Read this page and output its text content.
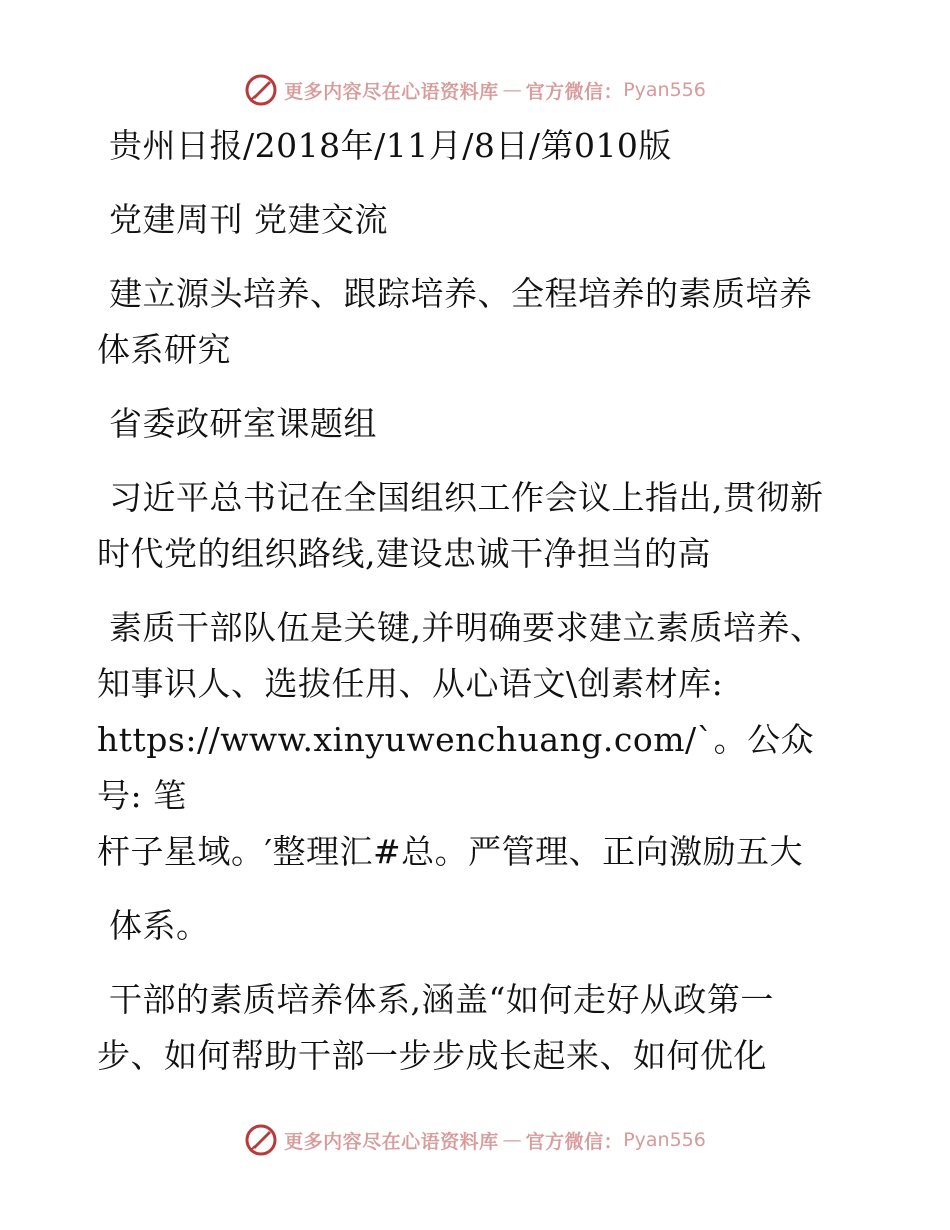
更多内容尽在心语资料库 — 官方微信： Pyan556

贵州日报/2018年/11月/8日/第010版

党建周刊 党建交流

建立源头培养、跟踪培养、全程培养的素质培养

体系研究

省委政研室课题组

习近平总书记在全国组织工作会议上指出,贯彻新

时代党的组织路线,建设忠诚干净担当的高

素质干部队伍是关键,并明确要求建立素质培养、

知事识人、选拔任用、从心语文\创素材库:

https://www.xinyuwenchuang.com/`。公众号: 笔

杆子星域。′整理汇#总。严管理、正向激励五大

体系。

干部的素质培养体系,涵盖“如何走好从政第一

步、如何帮助干部一步步成长起来、如何优化

更多内容尽在心语资料库 — 官方微信： Pyan556
